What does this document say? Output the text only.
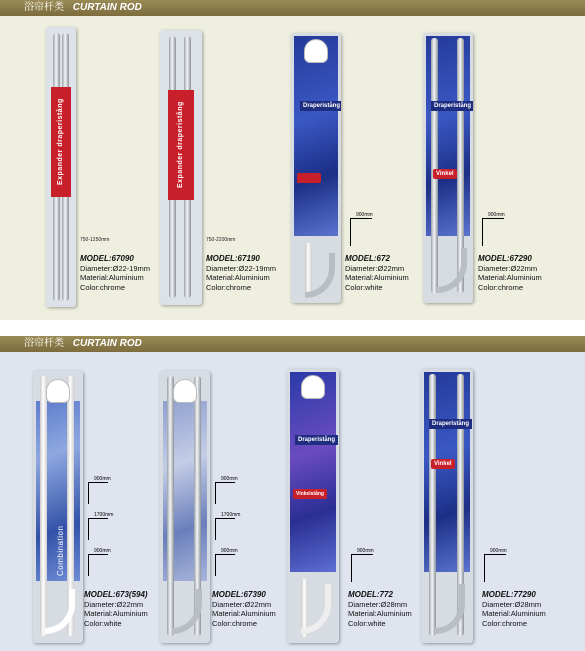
浴帘杆类 CURTAIN ROD
Expander draperistång
750-1250mm
MODEL:67090
Diameter:Ø22-19mm
Material:Aluminium
Color:chrome
Expander draperistång
750-2200mm
MODEL:67190
Diameter:Ø22-19mm
Material:Aluminium
Color:chrome
Draperistång
900mm
MODEL:672
Diameter:Ø22mm
Material:Aluminium
Color:white
Draperistång
Vinkel
900mm
MODEL:67290
Diameter:Ø22mm
Material:Aluminium
Color:chrome
浴帘杆类 CURTAIN ROD
Combination
900mm
1700mm
900mm
MODEL:673(594)
Diameter:Ø22mm
Material:Aluminium
Color:white
900mm
1700mm
900mm
MODEL:67390
Diameter:Ø22mm
Material:Aluminium
Color:chrome
Draperistång
Vinkelstång
900mm
MODEL:772
Diameter:Ø28mm
Material:Aluminium
Color:white
Draperistång
Vinkel
900mm
MODEL:77290
Diameter:Ø28mm
Material:Aluminium
Color:chrome
